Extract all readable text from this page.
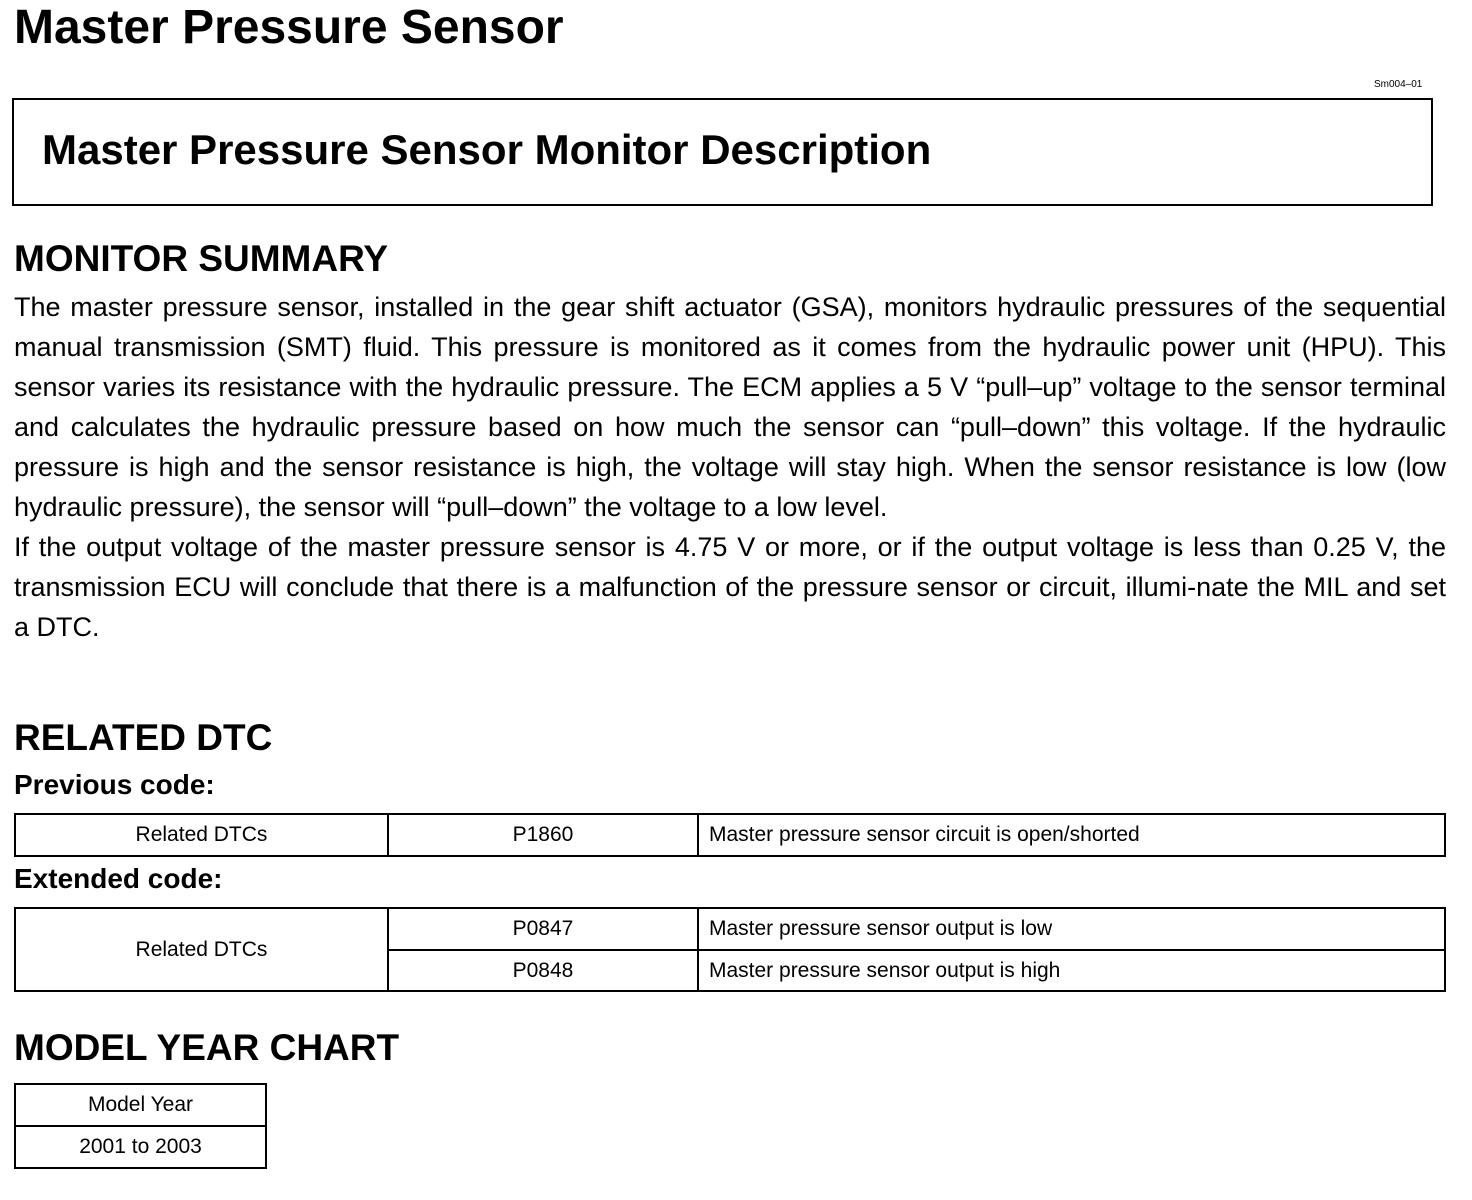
Master Pressure Sensor
Sm004–01
Master Pressure Sensor Monitor Description
MONITOR SUMMARY

The master pressure sensor, installed in the gear shift actuator (GSA), monitors hydraulic pressures of the sequential manual transmission (SMT) fluid. This pressure is monitored as it comes from the hydraulic power unit (HPU). This sensor varies its resistance with the hydraulic pressure. The ECM applies a 5 V “pull–up” voltage to the sensor terminal and calculates the hydraulic pressure based on how much the sensor can “pull–down” this voltage. If the hydraulic pressure is high and the sensor resistance is high, the voltage will stay high. When the sensor resistance is low (low hydraulic pressure), the sensor will “pull–down” the voltage to a low level.

If the output voltage of the master pressure sensor is 4.75 V or more, or if the output voltage is less than 0.25 V, the transmission ECU will conclude that there is a malfunction of the pressure sensor or circuit, illumi-nate the MIL and set a DTC.

RELATED DTC
Previous code:
Related DTCs	P1860	Master pressure sensor circuit is open/shorted
Extended code:
Related DTCs	P0847	Master pressure sensor output is low
	P0848	Master pressure sensor output is high
MODEL YEAR CHART
Model Year
2001 to 2003
